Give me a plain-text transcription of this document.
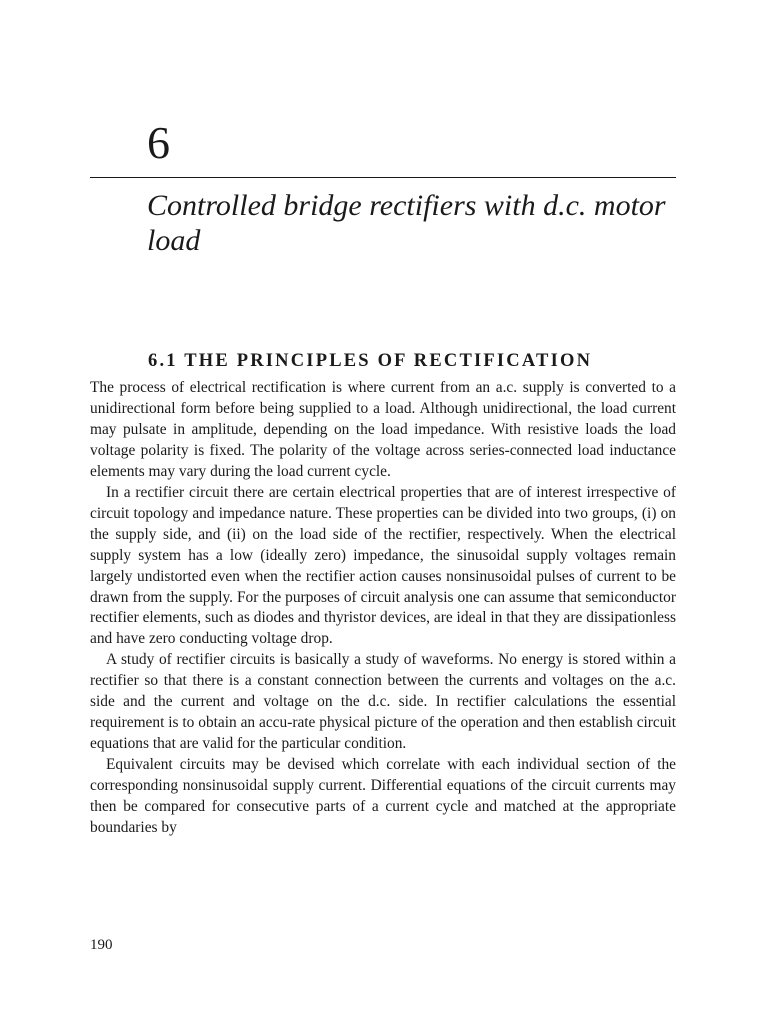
6
Controlled bridge rectifiers with d.c. motor load
6.1 THE PRINCIPLES OF RECTIFICATION

The process of electrical rectification is where current from an a.c. supply is converted to a unidirectional form before being supplied to a load. Although unidirectional, the load current may pulsate in amplitude, depending on the load impedance. With resistive loads the load voltage polarity is fixed. The polarity of the voltage across series-connected load inductance elements may vary during the load current cycle.

In a rectifier circuit there are certain electrical properties that are of interest irrespective of circuit topology and impedance nature. These properties can be divided into two groups, (i) on the supply side, and (ii) on the load side of the rectifier, respectively. When the electrical supply system has a low (ideally zero) impedance, the sinusoidal supply voltages remain largely undistorted even when the rectifier action causes nonsinusoidal pulses of current to be drawn from the supply. For the purposes of circuit analysis one can assume that semiconductor rectifier elements, such as diodes and thyristor devices, are ideal in that they are dissipationless and have zero conducting voltage drop.

A study of rectifier circuits is basically a study of waveforms. No energy is stored within a rectifier so that there is a constant connection between the currents and voltages on the a.c. side and the current and voltage on the d.c. side. In rectifier calculations the essential requirement is to obtain an accu-rate physical picture of the operation and then establish circuit equations that are valid for the particular condition.

Equivalent circuits may be devised which correlate with each individual section of the corresponding nonsinusoidal supply current. Differential equations of the circuit currents may then be compared for consecutive parts of a current cycle and matched at the appropriate boundaries by

190
